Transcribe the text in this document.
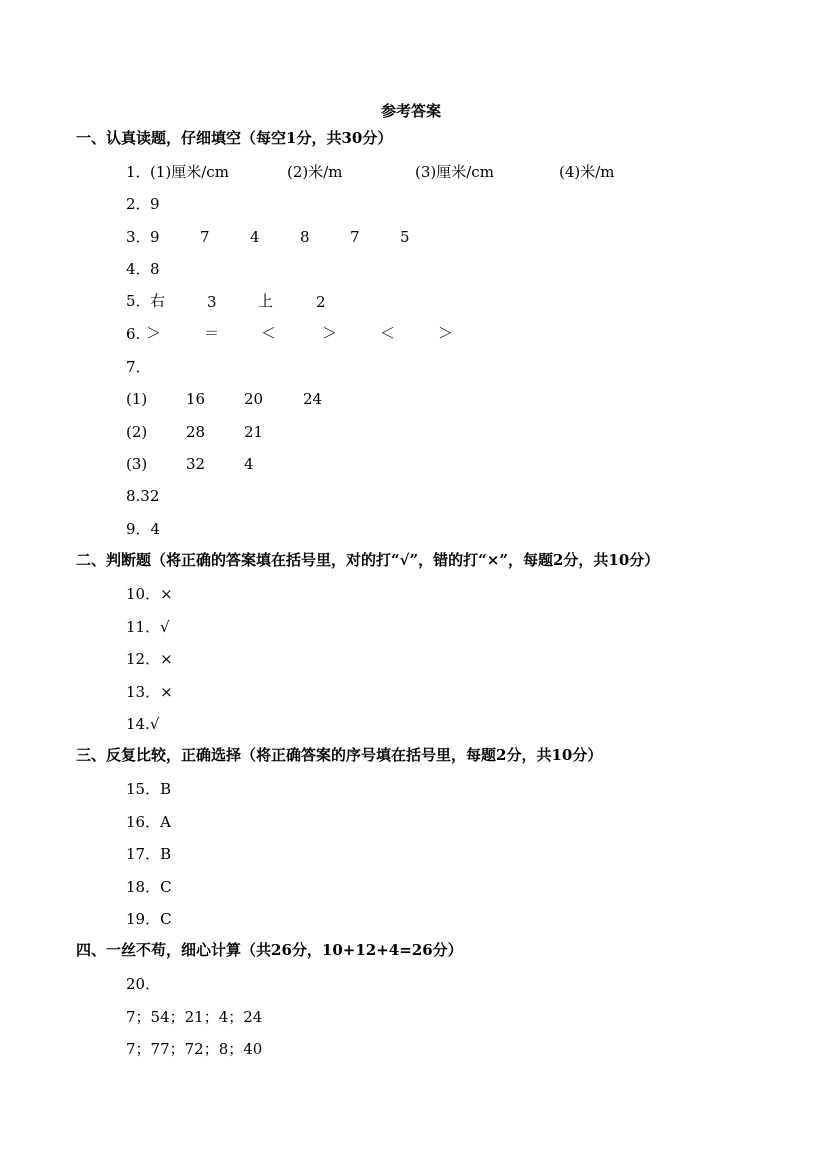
参考答案
一、认真读题，仔细填空（每空1分，共30分）
1． (1)厘米/cm	(2)米/m	(3)厘米/cm	(4)米/m
2． 9
3． 9	7	4	8	7	5
4． 8
5． 右	3	上	2
6. ＞	＝	＜	＞	＜	＞
7．
(1)	16	20	24
(2)	28	21
(3)	32	4
8.32
9．4
二、判断题（将正确的答案填在括号里，对的打“√”，错的打“×”，每题2分，共10分）
10．×
11．√
12．×
13．×
14.√
三、反复比较，正确选择（将正确答案的序号填在括号里，每题2分，共10分）
15．B
16．A
17．B
18．C
19．C
四、一丝不苟，细心计算（共26分，10+12+4=26分）
20．
7；54；21；4；24
7；77；72；8；40
